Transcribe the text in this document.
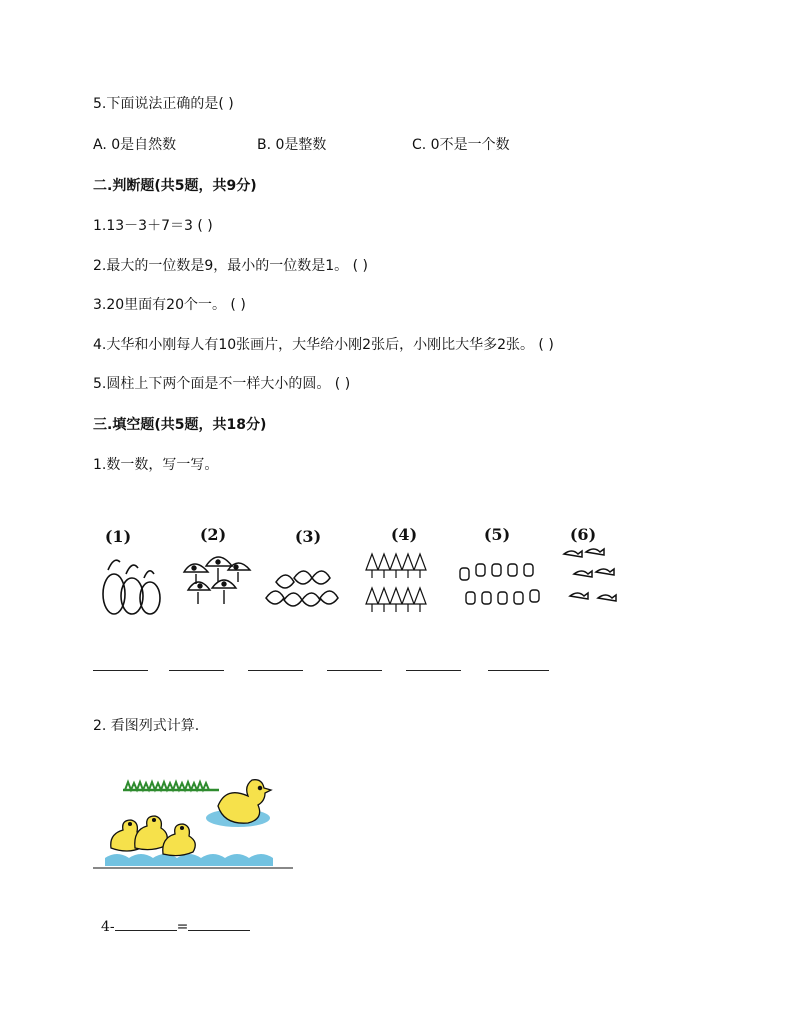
5.下面说法正确的是( )
A. 0是自然数	B. 0是整数	C. 0不是一个数
二.判断题(共5题，共9分)
1.13－3＋7＝3 ( )
2.最大的一位数是9，最小的一位数是1。 ( )
3.20里面有20个一。 ( )
4.大华和小刚每人有10张画片，大华给小刚2张后，小刚比大华多2张。 ( )
5.圆柱上下两个面是不一样大小的圆。 ( )
三.填空题(共5题，共18分)
1.数一数，写一写。
(1)	(2)	(3)	(4)	(5)	(6)
2. 看图列式计算.
4-	=
